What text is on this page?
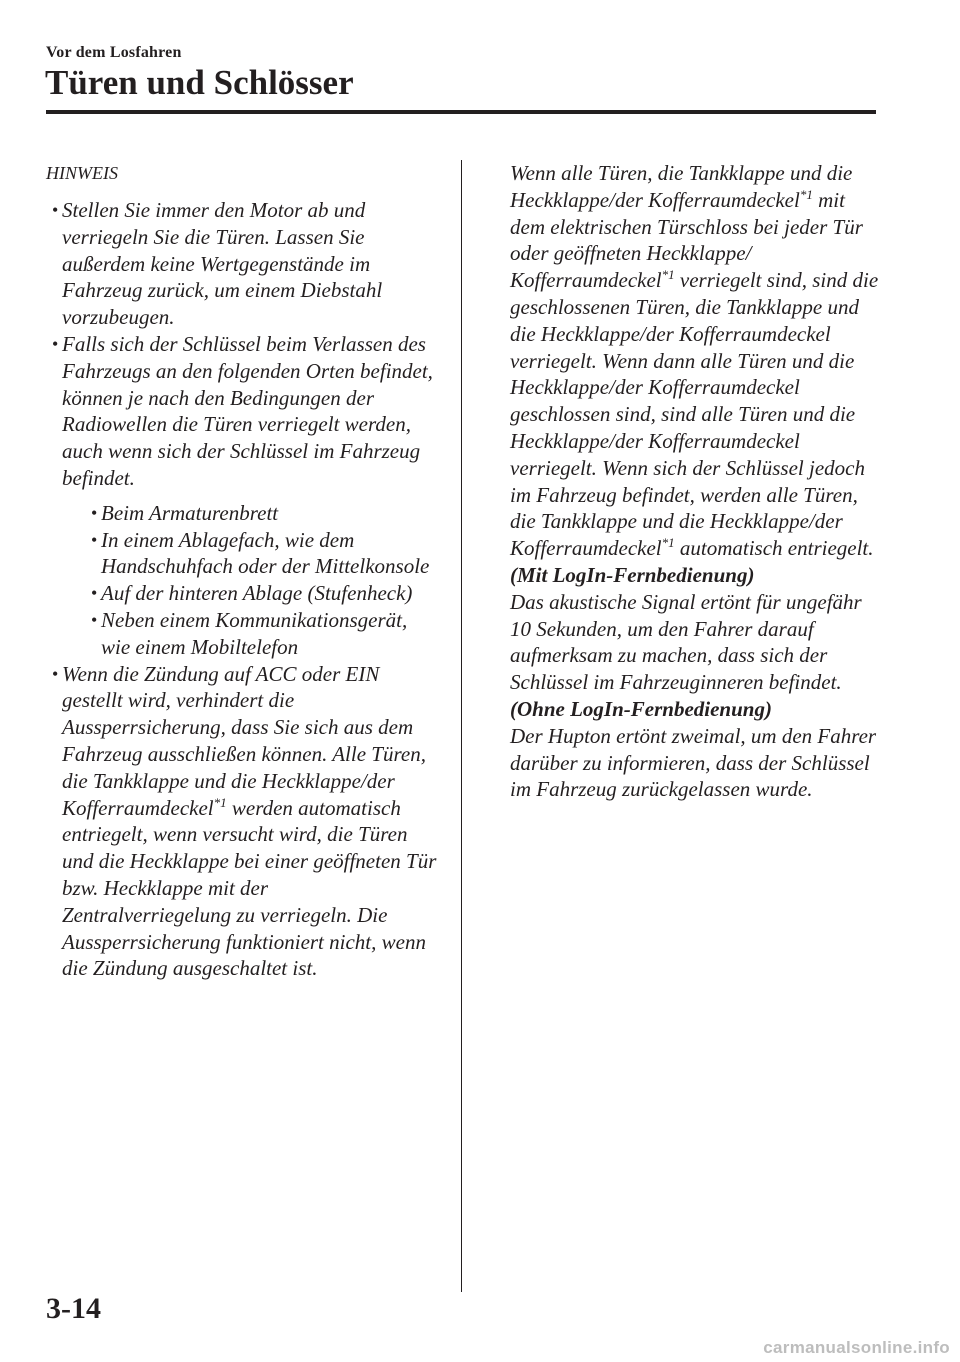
Vor dem Losfahren
Türen und Schlösser
HINWEIS
• Stellen Sie immer den Motor ab und verriegeln Sie die Türen. Lassen Sie außerdem keine Wertgegenstände im Fahrzeug zurück, um einem Diebstahl vorzubeugen.
• Falls sich der Schlüssel beim Verlassen des Fahrzeugs an den folgenden Orten befindet, können je nach den Bedingungen der Radiowellen die Türen verriegelt werden, auch wenn sich der Schlüssel im Fahrzeug befindet.
• Beim Armaturenbrett
• In einem Ablagefach, wie dem Handschuhfach oder der Mittelkonsole
• Auf der hinteren Ablage (Stufenheck)
• Neben einem Kommunikationsgerät, wie einem Mobiltelefon
• Wenn die Zündung auf ACC oder EIN gestellt wird, verhindert die Aussperrsicherung, dass Sie sich aus dem Fahrzeug ausschließen können. Alle Türen, die Tankklappe und die Heckklappe/der Kofferraumdeckel$^{*1}$ werden automatisch entriegelt, wenn versucht wird, die Türen und die Heckklappe bei einer geöffneten Tür bzw. Heckklappe mit der Zentralverriegelung zu verriegeln. Die Aussperrsicherung funktioniert nicht, wenn die Zündung ausgeschaltet ist.
Wenn alle Türen, die Tankklappe und die Heckklappe/der Kofferraumdeckel$^{*1}$ mit dem elektrischen Türschloss bei jeder Tür oder geöffneten Heckklappe/ Kofferraumdeckel$^{*1}$ verriegelt sind, sind die geschlossenen Türen, die Tankklappe und die Heckklappe/der Kofferraumdeckel verriegelt. Wenn dann alle Türen und die Heckklappe/der Kofferraumdeckel geschlossen sind, sind alle Türen und die Heckklappe/der Kofferraumdeckel verriegelt. Wenn sich der Schlüssel jedoch im Fahrzeug befindet, werden alle Türen, die Tankklappe und die Heckklappe/der Kofferraumdeckel$^{*1}$ automatisch entriegelt.
(Mit LogIn-Fernbedienung)
Das akustische Signal ertönt für ungefähr 10 Sekunden, um den Fahrer darauf aufmerksam zu machen, dass sich der Schlüssel im Fahrzeuginneren befindet.
(Ohne LogIn-Fernbedienung)
Der Hupton ertönt zweimal, um den Fahrer darüber zu informieren, dass der Schlüssel im Fahrzeug zurückgelassen wurde.
3-14
carmanualsonline.info
